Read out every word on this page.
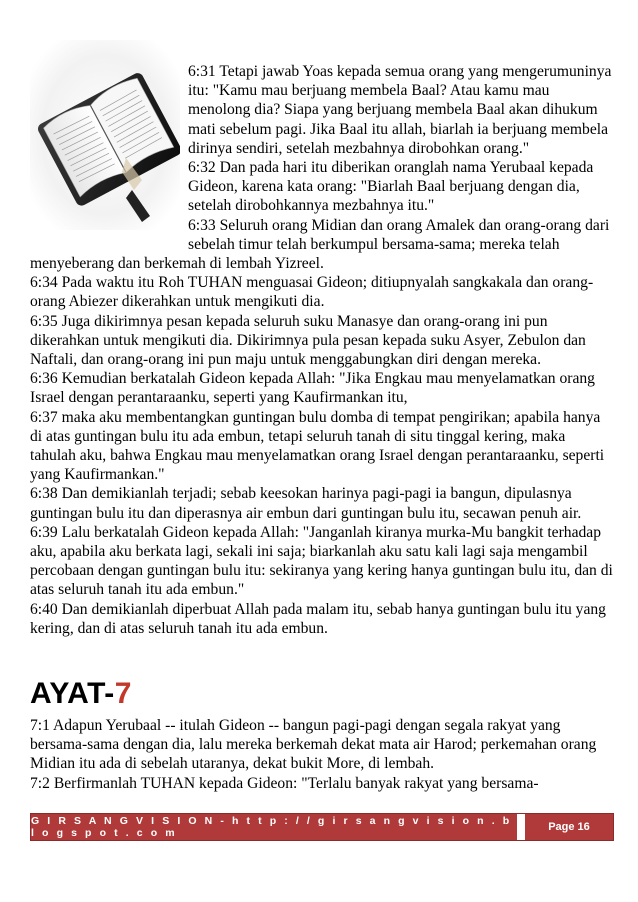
6:31 Tetapi jawab Yoas kepada semua orang yang mengerumuninya itu: "Kamu mau berjuang membela Baal? Atau kamu mau menolong dia? Siapa yang berjuang membela Baal akan dihukum mati sebelum pagi. Jika Baal itu allah, biarlah ia berjuang membela dirinya sendiri, setelah mezbahnya dirobohkan orang."

6:32 Dan pada hari itu diberikan oranglah nama Yerubaal kepada Gideon, karena kata orang: "Biarlah Baal berjuang dengan dia, setelah dirobohkannya mezbahnya itu."

6:33 Seluruh orang Midian dan orang Amalek dan orang-orang dari sebelah timur telah berkumpul bersama-sama; mereka telah menyeberang dan berkemah di lembah Yizreel.

6:34 Pada waktu itu Roh TUHAN menguasai Gideon; ditiupnyalah sangkakala dan orang-orang Abiezer dikerahkan untuk mengikuti dia.

6:35 Juga dikirimnya pesan kepada seluruh suku Manasye dan orang-orang ini pun dikerahkan untuk mengikuti dia. Dikirimnya pula pesan kepada suku Asyer, Zebulon dan Naftali, dan orang-orang ini pun maju untuk menggabungkan diri dengan mereka.

6:36 Kemudian berkatalah Gideon kepada Allah: "Jika Engkau mau menyelamatkan orang Israel dengan perantaraanku, seperti yang Kaufirmankan itu,

6:37 maka aku membentangkan guntingan bulu domba di tempat pengirikan; apabila hanya di atas guntingan bulu itu ada embun, tetapi seluruh tanah di situ tinggal kering, maka tahulah aku, bahwa Engkau mau menyelamatkan orang Israel dengan perantaraanku, seperti yang Kaufirmankan."

6:38 Dan demikianlah terjadi; sebab keesokan harinya pagi-pagi ia bangun, dipulasnya guntingan bulu itu dan diperasnya air embun dari guntingan bulu itu, secawan penuh air.

6:39 Lalu berkatalah Gideon kepada Allah: "Janganlah kiranya murka-Mu bangkit terhadap aku, apabila aku berkata lagi, sekali ini saja; biarkanlah aku satu kali lagi saja mengambil percobaan dengan guntingan bulu itu: sekiranya yang kering hanya guntingan bulu itu, dan di atas seluruh tanah itu ada embun."

6:40 Dan demikianlah diperbuat Allah pada malam itu, sebab hanya guntingan bulu itu yang kering, dan di atas seluruh tanah itu ada embun.

AYAT-7

7:1 Adapun Yerubaal -- itulah Gideon -- bangun pagi-pagi dengan segala rakyat yang bersama-sama dengan dia, lalu mereka berkemah dekat mata air Harod; perkemahan orang Midian itu ada di sebelah utaranya, dekat bukit More, di lembah.

7:2 Berfirmanlah TUHAN kepada Gideon: "Terlalu banyak rakyat yang bersama-

G I R S A N G V I S I O N - h t t p : / / g i r s a n g v i s i o n . b l o g s p o t . c o m	Page 16
